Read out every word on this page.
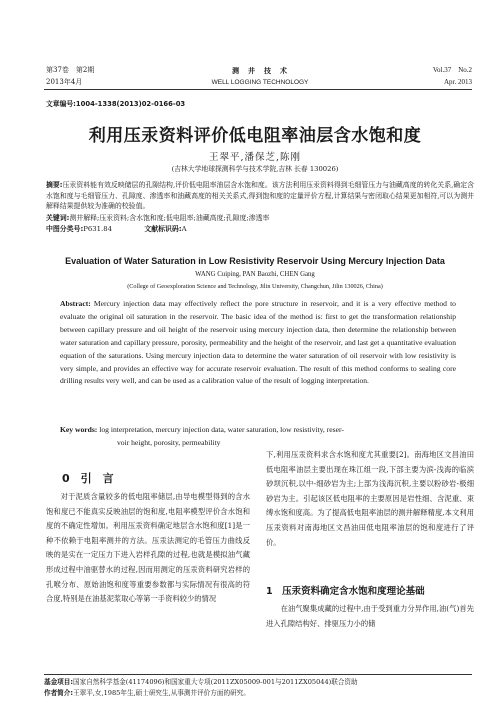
第37卷　第2期
2013年4月
测　井　技　术
WELL LOGGING TECHNOLOGY
Vol.37　No.2
Apr. 2013
文章编号:1004-1338(2013)02-0166-03
利用压汞资料评价低电阻率油层含水饱和度
王翠平,潘保芝,陈刚
(吉林大学地球探测科学与技术学院,吉林 长春 130026)
摘要:压汞资料能有效反映储层的孔隙结构,评价低电阻率油层含水饱和度。该方法利用压汞资料得到毛细管压力与油藏高度的转化关系,确定含水饱和度与毛细管压力、孔隙度、渗透率和油藏高度的相关关系式,得到饱和度的定量评价方程,计算结果与密闭取心结果更加相符,可以为测井解释结果提供较为准确的校验值。
关键词:测井解释;压汞资料;含水饱和度;低电阻率;油藏高度;孔隙度;渗透率
中图分类号:P631.84	文献标识码:A
Evaluation of Water Saturation in Low Resistivity Reservoir Using Mercury Injection Data
WANG Cuiping, PAN Baozhi, CHEN Gang
(College of Geoexploration Science and Technology, Jilin University, Changchun, Jilin 130026, China)
Abstract: Mercury injection data may effectively reflect the pore structure in reservoir, and it is a very effective method to evaluate the original oil saturation in the reservoir. The basic idea of the method is: first to get the transformation relationship between capillary pressure and oil height of the reservoir using mercury injection data, then determine the relationship between water saturation and capillary pressure, porosity, permeability and the height of the reservoir, and last get a quantitative evaluation equation of the saturations. Using mercury injection data to determine the water saturation of oil reservoir with low resistivity is very simple, and provides an effective way for accurate reservoir evaluation. The result of this method conforms to sealing core drilling results very well, and can be used as a calibration value of the result of logging interpretation.
Key words: log interpretation, mercury injection data, water saturation, low resistivity, reser-
voir height, porosity, permeability
0　引　言

对于泥质含量较多的低电阻率储层,由导电模型得到的含水饱和度已不能真实反映油层的饱和度,电阻率模型评价含水饱和度的不确定性增加。利用压汞资料确定地层含水饱和度[1]是一种不依赖于电阻率测井的方法。压汞法测定的毛管压力曲线反映的是实在一定压力下进入岩样孔隙的过程,也就是模拟油气藏形成过程中油驱替水的过程,因而用测定的压汞资料研究岩样的孔喉分布、原始油饱和度等重要参数都与实际情况有很高的符合度,特别是在油基泥浆取心等第一手资料较少的情况

下,利用压汞资料求含水饱和度尤其重要[2]。南海地区文昌油田低电阻率油层主要出现在珠江组一段,下部主要为滨-浅海的临滨砂坝沉积,以中-细砂岩为主;上部为浅海沉积,主要以粉砂岩-极细砂岩为主。引起该区低电阻率的主要原因是岩性细、含泥重、束缚水饱和度高。为了提高低电阻率油层的测井解释精度,本文利用压汞资料对南海地区文昌油田低电阻率油层的饱和度进行了评价。

1　压汞资料确定含水饱和度理论基础

在油气聚集成藏的过程中,由于受到重力分异作用,油(气)首先进入孔隙结构好、排驱压力小的储

基金项目:国家自然科学基金(41174096)和国家重大专项(2011ZX05009-001与2011ZX05044)联合资助
作者简介:王翠平,女,1985年生,硕士研究生,从事测井评价方面的研究。
